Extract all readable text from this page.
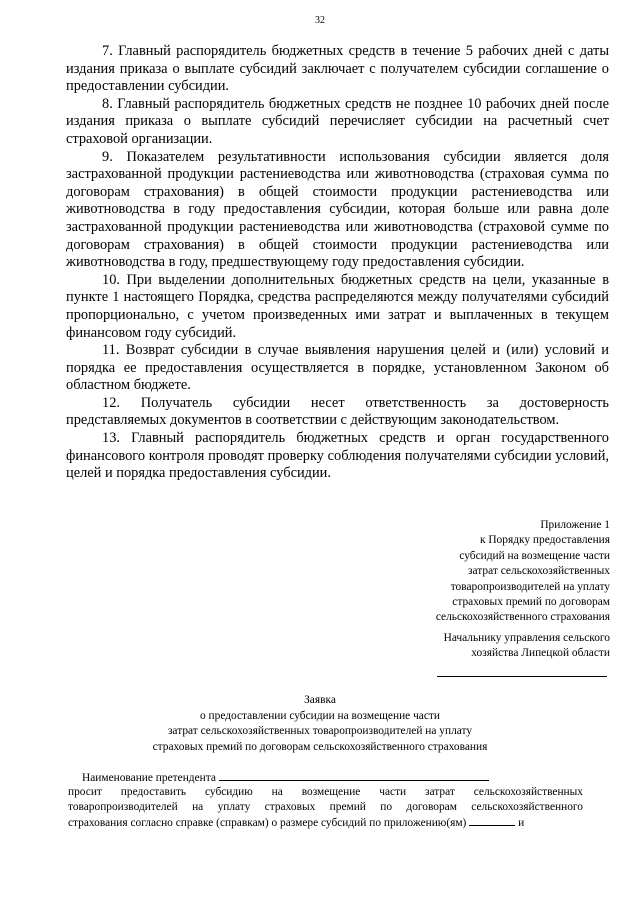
32

7. Главный распорядитель бюджетных средств в течение 5 рабочих дней с даты издания приказа о выплате субсидий заключает с получателем субсидии соглашение о предоставлении субсидии.

8. Главный распорядитель бюджетных средств не позднее 10 рабочих дней после издания приказа о выплате субсидий перечисляет субсидии на расчетный счет страховой организации.

9. Показателем результативности использования субсидии является доля застрахованной продукции растениеводства или животноводства (страховая сумма по договорам страхования) в общей стоимости продукции растениеводства или животноводства в году предоставления субсидии, которая больше или равна доле застрахованной продукции растениеводства или животноводства (страховой сумме по договорам страхования) в общей стоимости продукции растениеводства или животноводства в году, предшествующему году предоставления субсидии.

10. При выделении дополнительных бюджетных средств на цели, указанные в пункте 1 настоящего Порядка, средства распределяются между получателями субсидий пропорционально, с учетом произведенных ими затрат и выплаченных в текущем финансовом году субсидий.

11. Возврат субсидии в случае выявления нарушения целей и (или) условий и порядка ее предоставления осуществляется в порядке, установленном Законом об областном бюджете.

12. Получатель субсидии несет ответственность за достоверность представляемых документов в соответствии с действующим законодательством.

13. Главный распорядитель бюджетных средств и орган государственного финансового контроля проводят проверку соблюдения получателями субсидии условий, целей и порядка предоставления субсидии.

Приложение 1
к Порядку предоставления
субсидий на возмещение части
затрат сельскохозяйственных
товаропроизводителей на уплату
страховых премий по договорам
сельскохозяйственного страхования
Начальнику управления сельского
хозяйства Липецкой области
Заявка
о предоставлении субсидии на возмещение части
затрат сельскохозяйственных товаропроизводителей на уплату
страховых премий по договорам сельскохозяйственного страхования
Наименование претендента
просит предоставить субсидию на возмещение части затрат сельскохозяйственных
товаропроизводителей на уплату страховых премий по договорам сельскохозяйственного
страхования согласно справке (справкам) о размере субсидий по приложению(ям)	и
